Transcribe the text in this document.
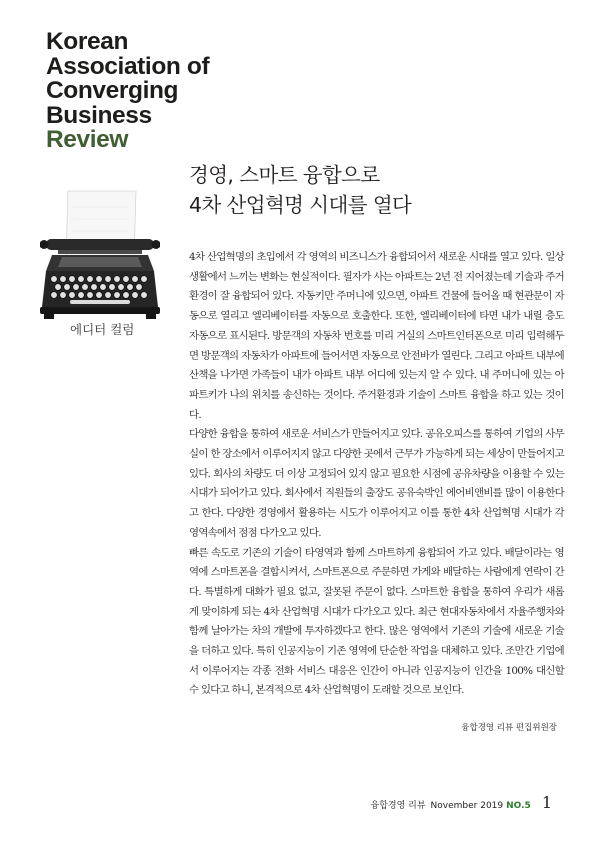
Korean
Association of
Converging
Business
Review
에디터 컬럼
경영, 스마트 융합으로
4차 산업혁명 시대를 열다

4차 산업혁명의 초입에서 각 영역의 비즈니스가 융합되어서 새로운 시대를 열고 있다. 일상생활에서 느끼는 변화는 현실적이다. 필자가 사는 아파트는 2년 전 지어졌는데 기술과 주거환경이 잘 융합되어 있다. 자동키만 주머니에 있으면, 아파트 건물에 들어올 때 현관문이 자동으로 열리고 엘리베이터를 자동으로 호출한다. 또한, 엘리베이터에 타면 내가 내릴 층도 자동으로 표시된다. 방문객의 자동차 번호를 미리 거실의 스마트인터폰으로 미리 입력해두면 방문객의 자동차가 아파트에 들어서면 자동으로 안전바가 열린다. 그리고 아파트 내부에 산책을 나가면 가족들이 내가 아파트 내부 어디에 있는지 알 수 있다. 내 주머니에 있는 아파트키가 나의 위치를 송신하는 것이다. 주거환경과 기술이 스마트 융합을 하고 있는 것이다.

다양한 융합을 통하여 새로운 서비스가 만들어지고 있다. 공유오피스를 통하여 기업의 사무실이 한 장소에서 이루어지지 않고 다양한 곳에서 근무가 가능하게 되는 세상이 만들어지고 있다. 회사의 차량도 더 이상 고정되어 있지 않고 필요한 시점에 공유차량을 이용할 수 있는 시대가 되어가고 있다. 회사에서 직원들의 출장도 공유숙박인 에어비앤비를 많이 이용한다고 한다. 다양한 경영에서 활용하는 시도가 이루어지고 이를 통한 4차 산업혁명 시대가 각 영역속에서 점점 다가오고 있다.

빠른 속도로 기존의 기술이 타영역과 함께 스마트하게 융합되어 가고 있다. 배달이라는 영역에 스마트폰을 결합시켜서, 스마트폰으로 주문하면 가게와 배달하는 사람에게 연락이 간다. 특별하게 대화가 필요 없고, 잘못된 주문이 없다. 스마트한 융합을 통하여 우리가 새롭게 맞이하게 되는 4차 산업혁명 시대가 다가오고 있다. 최근 현대자동차에서 자율주행차와 함께 날아가는 차의 개발에 투자하겠다고 한다. 많은 영역에서 기존의 기술에 새로운 기술을 더하고 있다. 특히 인공지능이 기존 영역에 단순한 작업을 대체하고 있다. 조만간 기업에서 이루어지는 각종 전화 서비스 대응은 인간이 아니라 인공지능이 인간을 100% 대신할 수 있다고 하니, 본격적으로 4차 산업혁명이 도래할 것으로 보인다.

융합경영 리뷰 편집위원장
융합경영 리뷰 November 2019 NO.5 1
